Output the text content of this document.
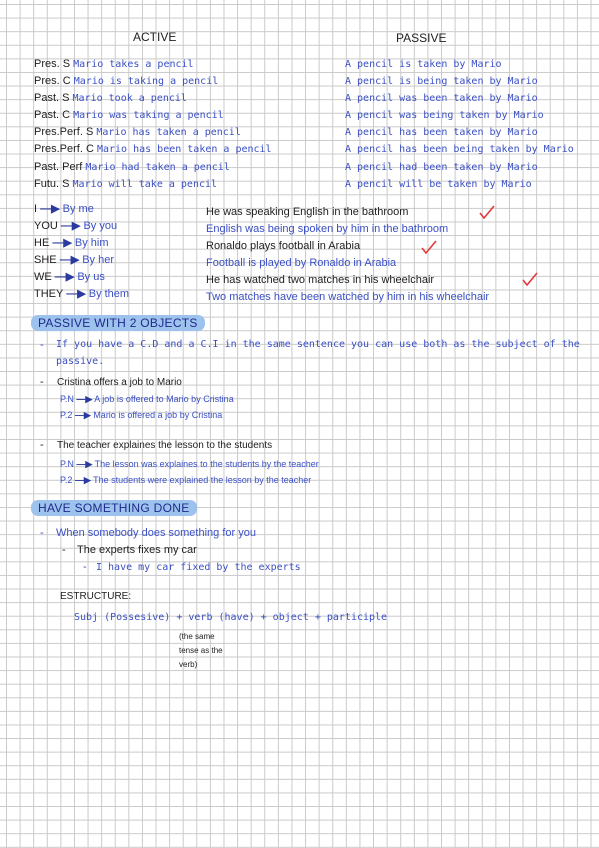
ACTIVE	PASSIVE
Pres. S Mario takes a pencil	A pencil is taken by Mario
Pres. C Mario is taking a pencil	A pencil is being taken by Mario
Past. S Mario took a pencil	A pencil was been taken by Mario
Past. C Mario was taking a pencil	A pencil was being taken by Mario
Pres.Perf. S Mario has taken a pencil	A pencil has been taken by Mario
Pres.Perf. C Mario has been taken a pencil	A pencil has been being taken by Mario
Past. Perf Mario had taken a pencil	A pencil had been taken by Mario
Futu. S Mario will take a pencil	A pencil will be taken by Mario
I —▶ By me
YOU —▶ By you
HE —▶ By him
SHE —▶ By her
WE —▶ By us
THEY —▶ By them
He was speaking English in the bathroom
English was being spoken by him in the bathroom
Ronaldo plays football in Arabia
Football is played by Ronaldo in Arabia
He has watched two matches in his wheelchair
Two matches have been watched by him in his wheelchair
PASSIVE WITH 2 OBJECTS
- If you have a C.D and a C.I in the same sentence you can use both as the subject of the
passive.
- Cristina offers a job to Mario
P.N —▶ A job is offered to Mario by Cristina
P.2 —▶ Mario is offered a job by Cristina
- The teacher explaines the lesson to the students
P.N —▶ The lesson was explaines to the students by the teacher
P.2 —▶ The students were explained the lesson by the teacher
HAVE SOMETHING DONE
- When somebody does something for you
- The experts fixes my car
- I have my car fixed by the experts
ESTRUCTURE:
Subj (Possesive) + verb (have) + object + participle
(the same
tense as the
verb)
